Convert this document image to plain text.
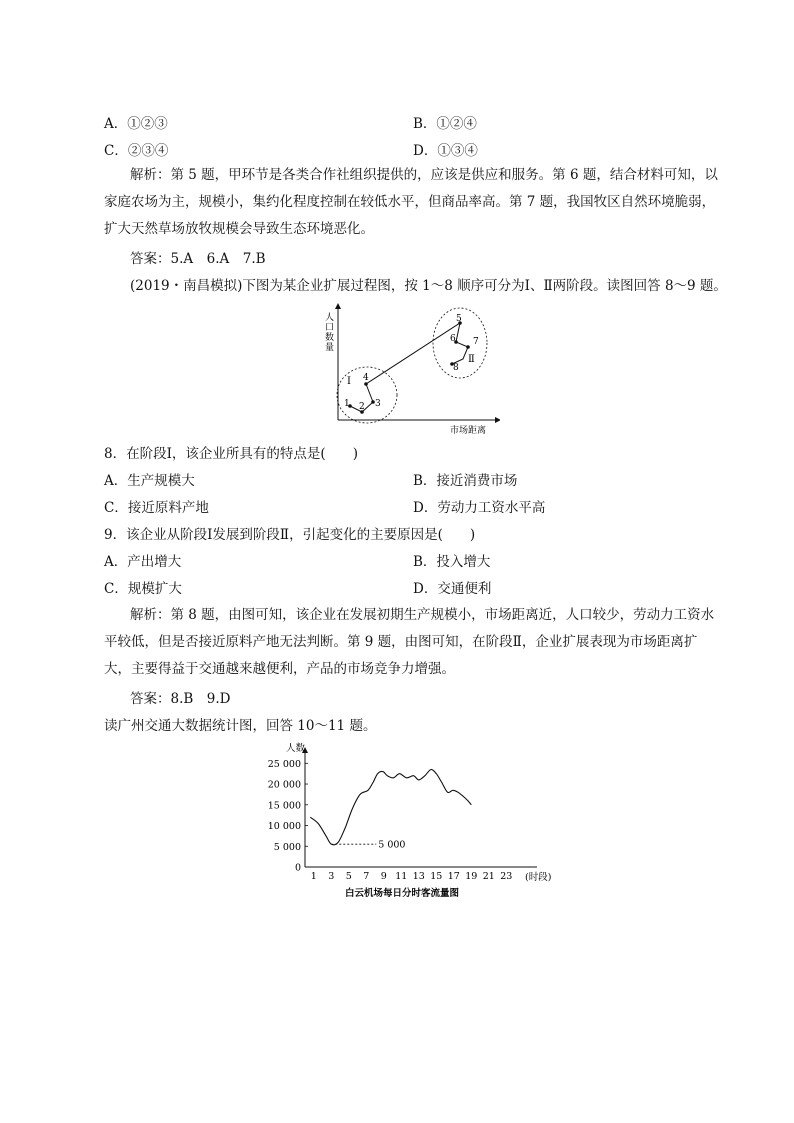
A．①②③	B．①②④
C．②③④	D．①③④
解析：第 5 题，甲环节是各类合作社组织提供的，应该是供应和服务。第 6 题，结合材料可知，以家庭农场为主，规模小，集约化程度控制在较低水平，但商品率高。第 7 题，我国牧区自然环境脆弱，扩大天然草场放牧规模会导致生态环境恶化。
答案：5.A　6.A　7.B
(2019・南昌模拟)下图为某企业扩展过程图，按 1～8 顺序可分为Ⅰ、Ⅱ两阶段。读图回答 8～9 题。
人
口
数
量
市场距离
1 2 3
4
5
6 7
8
Ⅰ
Ⅱ
8．在阶段Ⅰ，该企业所具有的特点是(　　)
A．生产规模大	B．接近消费市场
C．接近原料产地	D．劳动力工资水平高
9．该企业从阶段Ⅰ发展到阶段Ⅱ，引起变化的主要原因是(　　)
A．产出增大	B．投入增大
C．规模扩大	D．交通便利
解析：第 8 题，由图可知，该企业在发展初期生产规模小，市场距离近，人口较少，劳动力工资水平较低，但是否接近原料产地无法判断。第 9 题，由图可知，在阶段Ⅱ，企业扩展表现为市场距离扩大，主要得益于交通越来越便利，产品的市场竞争力增强。
答案：8.B　9.D
读广州交通大数据统计图，回答 10～11 题。
人数
(时段)
白云机场每日分时客流量图
0
5 000
10 000
15 000
20 000
25 000
1 3 5 7 9 11 13 15 17 19 21 23
5 000
